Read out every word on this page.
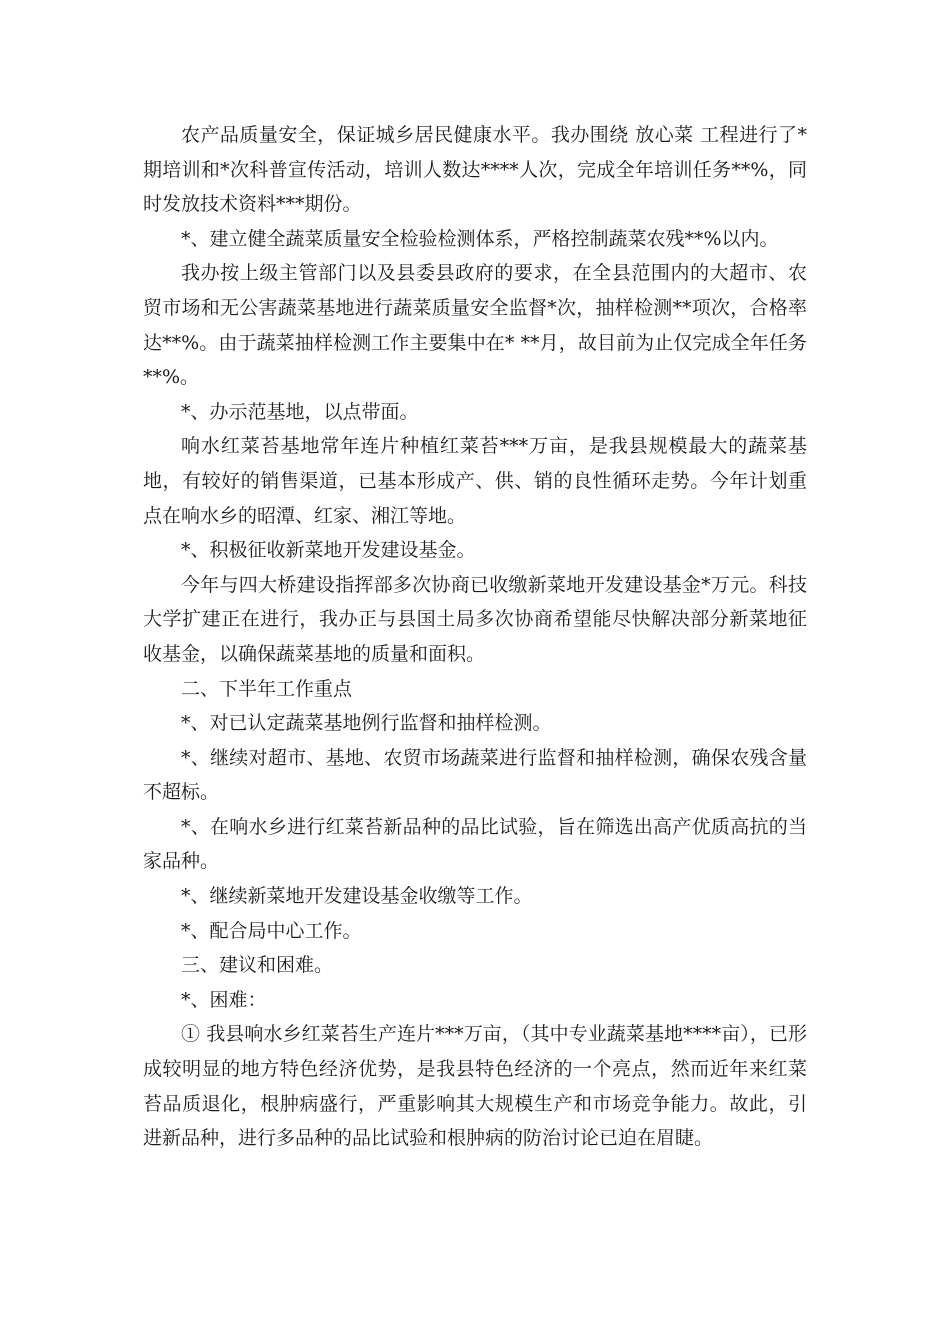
农产品质量安全，保证城乡居民健康水平。我办围绕 放心菜 工程进行了*期培训和*次科普宣传活动，培训人数达****人次，完成全年培训任务**%，同时发放技术资料***期份。

*、建立健全蔬菜质量安全检验检测体系，严格控制蔬菜农残**%以内。

我办按上级主管部门以及县委县政府的要求，在全县范围内的大超市、农贸市场和无公害蔬菜基地进行蔬菜质量安全监督*次，抽样检测**项次，合格率达**%。由于蔬菜抽样检测工作主要集中在* **月，故目前为止仅完成全年任务**%。

*、办示范基地，以点带面。

响水红菜苔基地常年连片种植红菜苔***万亩，是我县规模最大的蔬菜基地，有较好的销售渠道，已基本形成产、供、销的良性循环走势。今年计划重点在响水乡的昭潭、红家、湘江等地。

*、积极征收新菜地开发建设基金。

今年与四大桥建设指挥部多次协商已收缴新菜地开发建设基金*万元。科技大学扩建正在进行，我办正与县国土局多次协商希望能尽快解决部分新菜地征收基金，以确保蔬菜基地的质量和面积。

二、下半年工作重点

*、对已认定蔬菜基地例行监督和抽样检测。

*、继续对超市、基地、农贸市场蔬菜进行监督和抽样检测，确保农残含量不超标。

*、在响水乡进行红菜苔新品种的品比试验，旨在筛选出高产优质高抗的当家品种。

*、继续新菜地开发建设基金收缴等工作。

*、配合局中心工作。

三、建议和困难。

*、困难：

① 我县响水乡红菜苔生产连片***万亩，（其中专业蔬菜基地****亩），已形成较明显的地方特色经济优势，是我县特色经济的一个亮点，然而近年来红菜苔品质退化，根肿病盛行，严重影响其大规模生产和市场竞争能力。故此，引进新品种，进行多品种的品比试验和根肿病的防治讨论已迫在眉睫。
